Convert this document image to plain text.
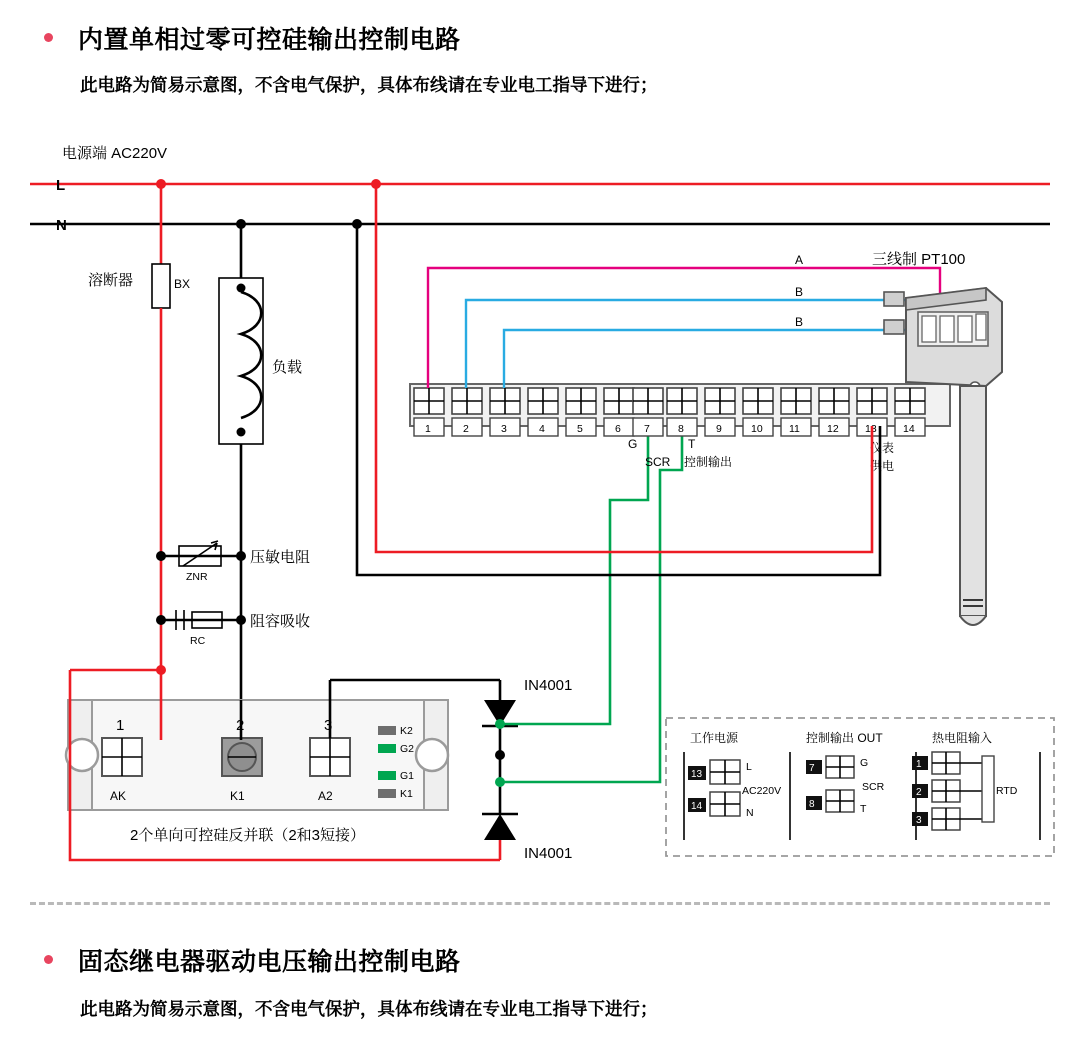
内置单相过零可控硅输出控制电路
此电路为简易示意图，不含电气保护，具体布线请在专业电工指导下进行；
电源端 AC220V
L
N
溶断器	BX
负载
ZNR
压敏电阻
RC
阻容吸收
1
AK
2
K1
3
A2
K2
G2
G1
K1
2个单向可控硅反并联（2和3短接）
IN4001
IN4001
1	2	3	4	5	6 7	8	9	10	11	12	13	14
G
SCR
T
控制输出
仪表
供电
A
B
B
三线制 PT100
工作电源	控制输出 OUT	热电阻输入
13
L
14
N
AC220V
7	G
8	T
SCR
1
2
3
RTD
固态继电器驱动电压输出控制电路
此电路为简易示意图，不含电气保护，具体布线请在专业电工指导下进行；
